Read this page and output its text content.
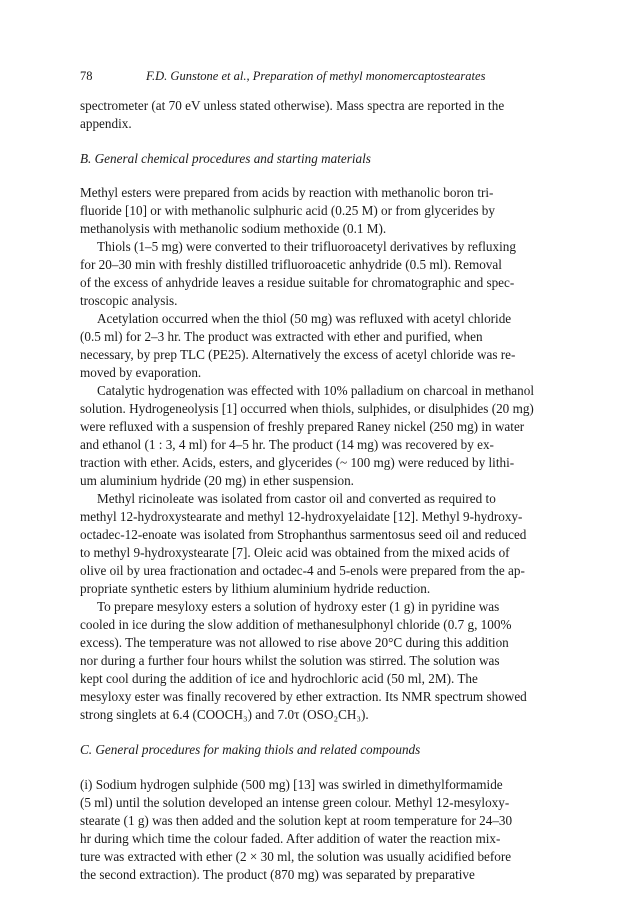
78	F.D. Gunstone et al., Preparation of methyl monomercaptostearates
spectrometer (at 70 eV unless stated otherwise). Mass spectra are reported in the
appendix.
B. General chemical procedures and starting materials
Methyl esters were prepared from acids by reaction with methanolic boron tri-
fluoride [10] or with methanolic sulphuric acid (0.25 M) or from glycerides by
methanolysis with methanolic sodium methoxide (0.1 M).
Thiols (1–5 mg) were converted to their trifluoroacetyl derivatives by refluxing
for 20–30 min with freshly distilled trifluoroacetic anhydride (0.5 ml). Removal
of the excess of anhydride leaves a residue suitable for chromatographic and spec-
troscopic analysis.
Acetylation occurred when the thiol (50 mg) was refluxed with acetyl chloride
(0.5 ml) for 2–3 hr. The product was extracted with ether and purified, when
necessary, by prep TLC (PE25). Alternatively the excess of acetyl chloride was re-
moved by evaporation.
Catalytic hydrogenation was effected with 10% palladium on charcoal in methanol
solution. Hydrogeneolysis [1] occurred when thiols, sulphides, or disulphides (20 mg)
were refluxed with a suspension of freshly prepared Raney nickel (250 mg) in water
and ethanol (1 : 3, 4 ml) for 4–5 hr. The product (14 mg) was recovered by ex-
traction with ether. Acids, esters, and glycerides (~ 100 mg) were reduced by lithi-
um aluminium hydride (20 mg) in ether suspension.
Methyl ricinoleate was isolated from castor oil and converted as required to
methyl 12-hydroxystearate and methyl 12-hydroxyelaidate [12]. Methyl 9-hydroxy-
octadec-12-enoate was isolated from Strophanthus sarmentosus seed oil and reduced
to methyl 9-hydroxystearate [7]. Oleic acid was obtained from the mixed acids of
olive oil by urea fractionation and octadec-4 and 5-enols were prepared from the ap-
propriate synthetic esters by lithium aluminium hydride reduction.
To prepare mesyloxy esters a solution of hydroxy ester (1 g) in pyridine was
cooled in ice during the slow addition of methanesulphonyl chloride (0.7 g, 100%
excess). The temperature was not allowed to rise above 20°C during this addition
nor during a further four hours whilst the solution was stirred. The solution was
kept cool during the addition of ice and hydrochloric acid (50 ml, 2M). The
mesyloxy ester was finally recovered by ether extraction. Its NMR spectrum showed
strong singlets at 6.4 (COOCH₃) and 7.0τ (OSO₂CH₃).
C. General procedures for making thiols and related compounds
(i) Sodium hydrogen sulphide (500 mg) [13] was swirled in dimethylformamide
(5 ml) until the solution developed an intense green colour. Methyl 12-mesyloxy-
stearate (1 g) was then added and the solution kept at room temperature for 24–30
hr during which time the colour faded. After addition of water the reaction mix-
ture was extracted with ether (2 × 30 ml, the solution was usually acidified before
the second extraction). The product (870 mg) was separated by preparative
